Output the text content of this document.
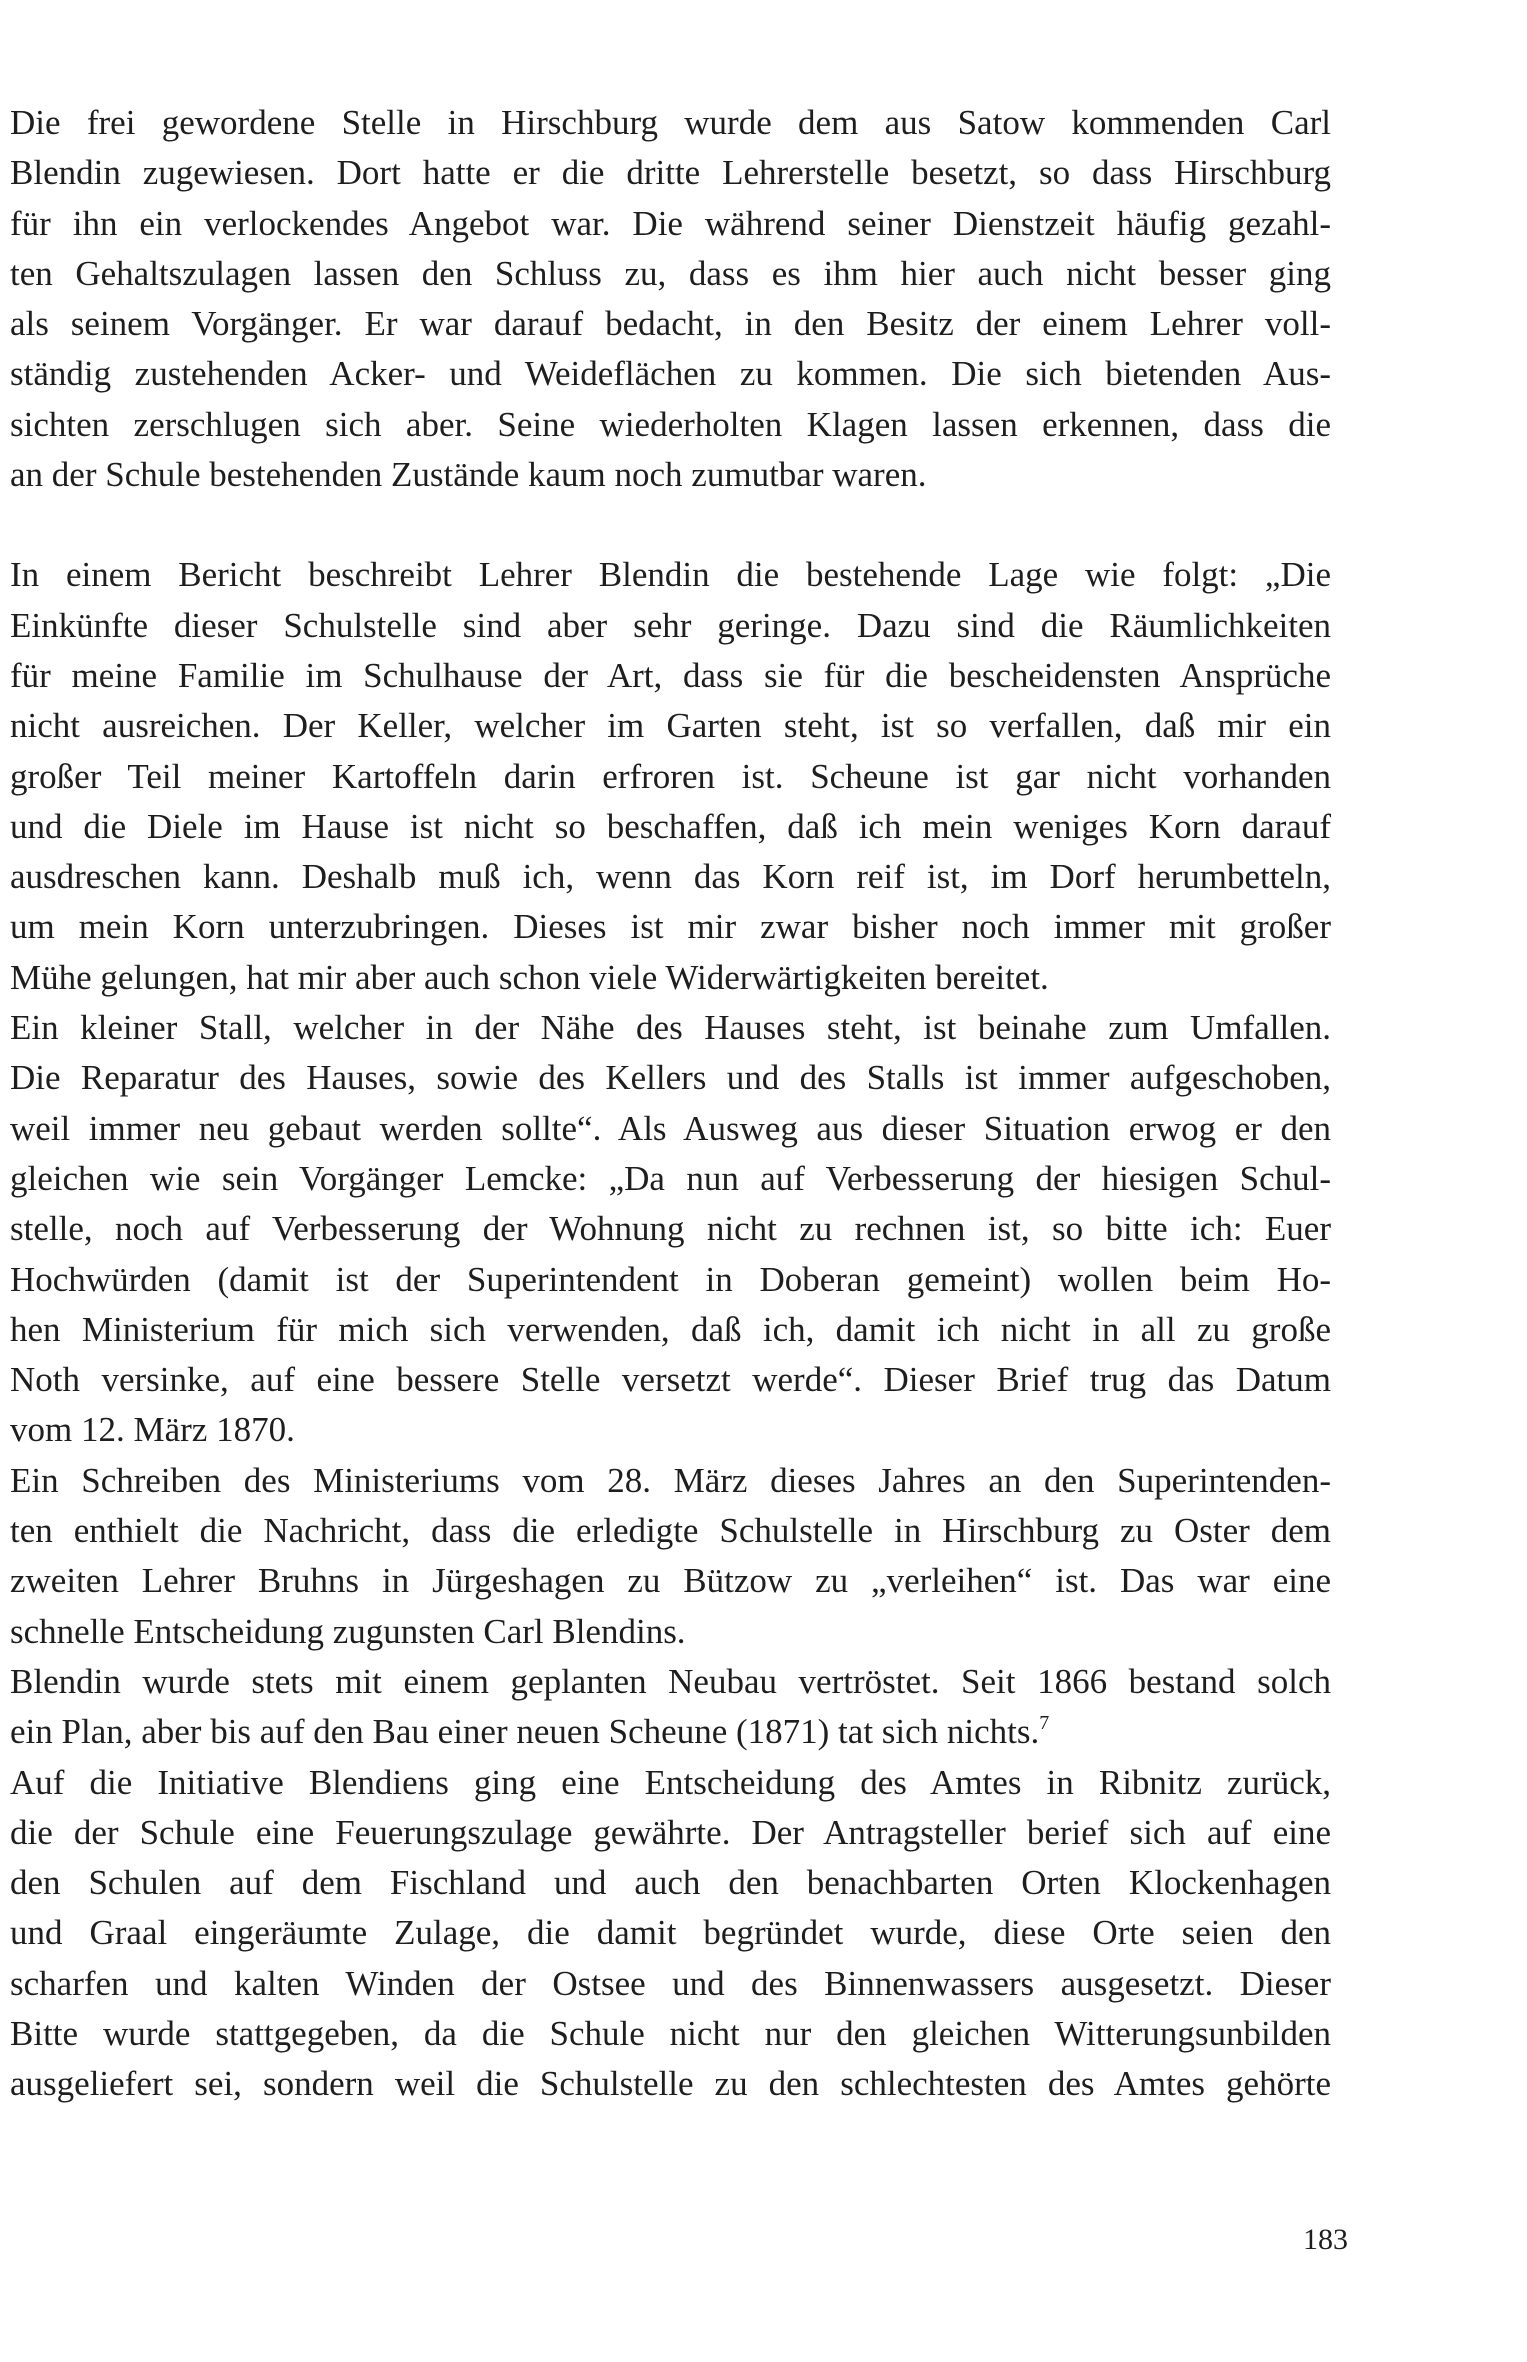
Die frei gewordene Stelle in Hirschburg wurde dem aus Satow kommenden Carl
Blendin zugewiesen. Dort hatte er die dritte Lehrerstelle besetzt, so dass Hirschburg
für ihn ein verlockendes Angebot war. Die während seiner Dienstzeit häufig gezahl-
ten Gehaltszulagen lassen den Schluss zu, dass es ihm hier auch nicht besser ging
als seinem Vorgänger. Er war darauf bedacht, in den Besitz der einem Lehrer voll-
ständig zustehenden Acker- und Weideflächen zu kommen. Die sich bietenden Aus-
sichten zerschlugen sich aber. Seine wiederholten Klagen lassen erkennen, dass die
an der Schule bestehenden Zustände kaum noch zumutbar waren.
In einem Bericht beschreibt Lehrer Blendin die bestehende Lage wie folgt: „Die
Einkünfte dieser Schulstelle sind aber sehr geringe. Dazu sind die Räumlichkeiten
für meine Familie im Schulhause der Art, dass sie für die bescheidensten Ansprüche
nicht ausreichen. Der Keller, welcher im Garten steht, ist so verfallen, daß mir ein
großer Teil meiner Kartoffeln darin erfroren ist. Scheune ist gar nicht vorhanden
und die Diele im Hause ist nicht so beschaffen, daß ich mein weniges Korn darauf
ausdreschen kann. Deshalb muß ich, wenn das Korn reif ist, im Dorf herumbetteln,
um mein Korn unterzubringen. Dieses ist mir zwar bisher noch immer mit großer
Mühe gelungen, hat mir aber auch schon viele Widerwärtigkeiten bereitet.
Ein kleiner Stall, welcher in der Nähe des Hauses steht, ist beinahe zum Umfallen.
Die Reparatur des Hauses, sowie des Kellers und des Stalls ist immer aufgeschoben,
weil immer neu gebaut werden sollte“. Als Ausweg aus dieser Situation erwog er den
gleichen wie sein Vorgänger Lemcke: „Da nun auf Verbesserung der hiesigen Schul-
stelle, noch auf Verbesserung der Wohnung nicht zu rechnen ist, so bitte ich: Euer
Hochwürden (damit ist der Superintendent in Doberan gemeint) wollen beim Ho-
hen Ministerium für mich sich verwenden, daß ich, damit ich nicht in all zu große
Noth versinke, auf eine bessere Stelle versetzt werde“. Dieser Brief trug das Datum
vom 12. März 1870.
Ein Schreiben des Ministeriums vom 28. März dieses Jahres an den Superintenden-
ten enthielt die Nachricht, dass die erledigte Schulstelle in Hirschburg zu Oster dem
zweiten Lehrer Bruhns in Jürgeshagen zu Bützow zu „verleihen“ ist. Das war eine
schnelle Entscheidung zugunsten Carl Blendins.
Blendin wurde stets mit einem geplanten Neubau vertröstet. Seit 1866 bestand solch
ein Plan, aber bis auf den Bau einer neuen Scheune (1871) tat sich nichts.$^7$
Auf die Initiative Blendiens ging eine Entscheidung des Amtes in Ribnitz zurück,
die der Schule eine Feuerungszulage gewährte. Der Antragsteller berief sich auf eine
den Schulen auf dem Fischland und auch den benachbarten Orten Klockenhagen
und Graal eingeräumte Zulage, die damit begründet wurde, diese Orte seien den
scharfen und kalten Winden der Ostsee und des Binnenwassers ausgesetzt. Dieser
Bitte wurde stattgegeben, da die Schule nicht nur den gleichen Witterungsunbilden
ausgeliefert sei, sondern weil die Schulstelle zu den schlechtesten des Amtes gehörte
183
